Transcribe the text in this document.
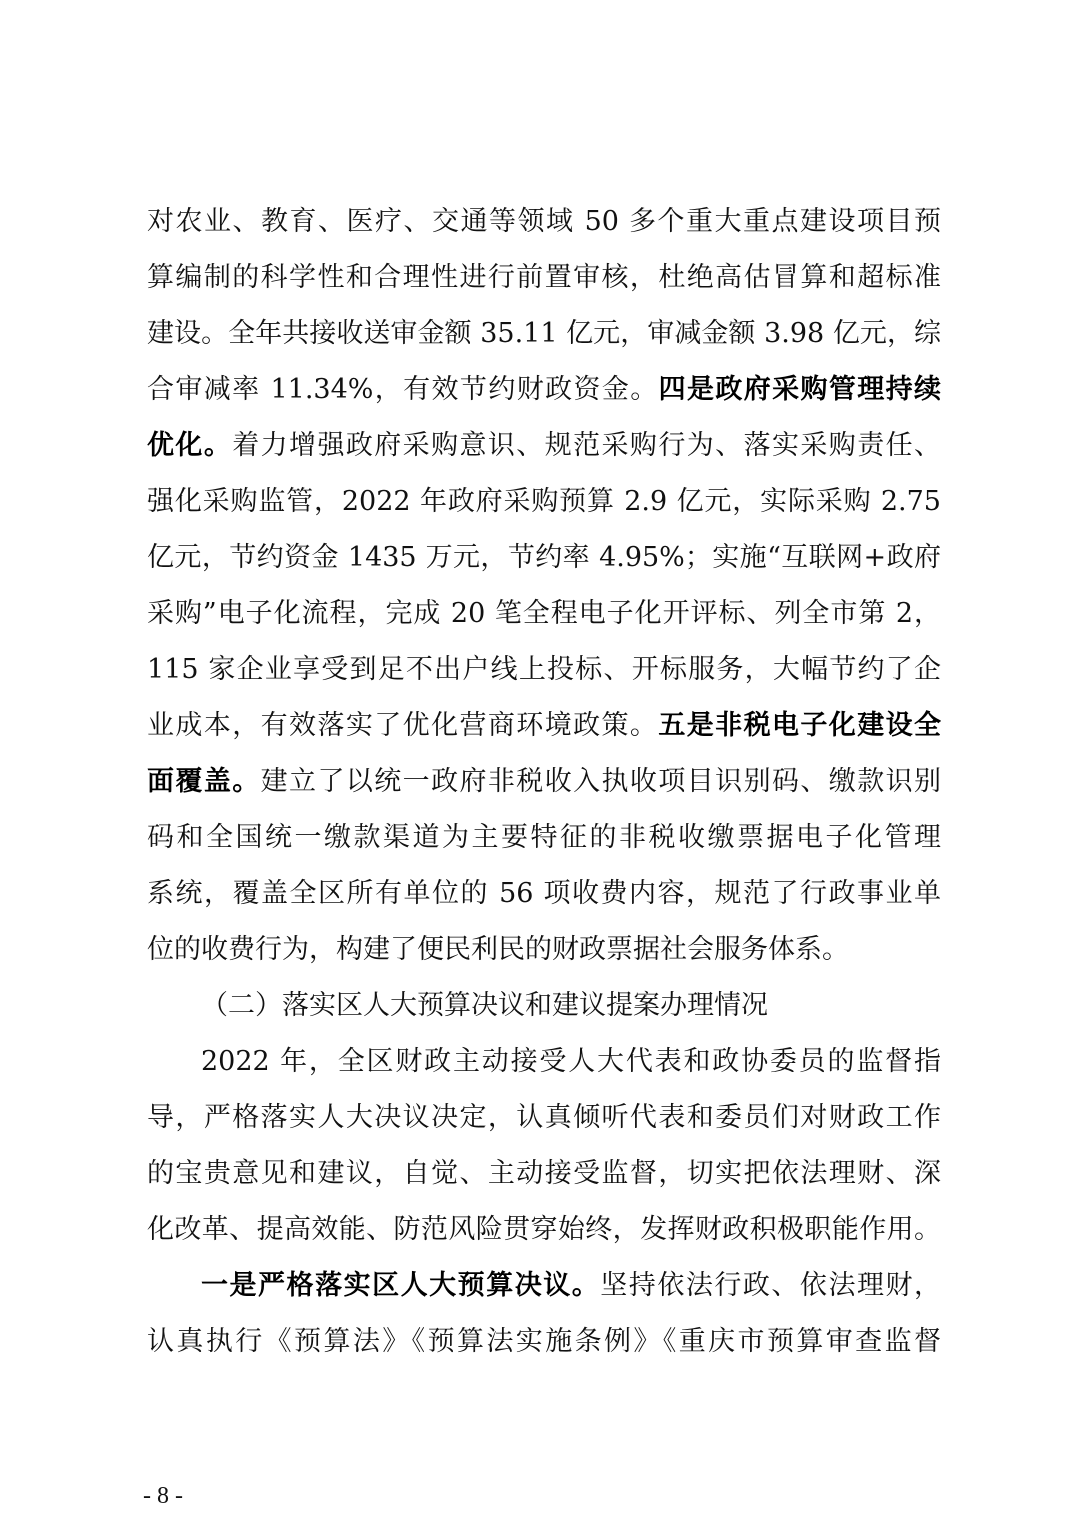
对农业、教育、医疗、交通等领域 50 多个重大重点建设项目预
算编制的科学性和合理性进行前置审核，杜绝高估冒算和超标准
建设。全年共接收送审金额 35.11 亿元，审减金额 3.98 亿元，综
合审减率 11.34%，有效节约财政资金。四是政府采购管理持续
优化。着力增强政府采购意识、规范采购行为、落实采购责任、
强化采购监管，2022 年政府采购预算 2.9 亿元，实际采购 2.75
亿元，节约资金 1435 万元，节约率 4.95%；实施“互联网+政府
采购”电子化流程，完成 20 笔全程电子化开评标、列全市第 2，
115 家企业享受到足不出户线上投标、开标服务，大幅节约了企
业成本，有效落实了优化营商环境政策。五是非税电子化建设全
面覆盖。建立了以统一政府非税收入执收项目识别码、缴款识别
码和全国统一缴款渠道为主要特征的非税收缴票据电子化管理
系统，覆盖全区所有单位的 56 项收费内容，规范了行政事业单
位的收费行为，构建了便民利民的财政票据社会服务体系。
（二）落实区人大预算决议和建议提案办理情况
2022 年，全区财政主动接受人大代表和政协委员的监督指
导，严格落实人大决议决定，认真倾听代表和委员们对财政工作
的宝贵意见和建议，自觉、主动接受监督，切实把依法理财、深
化改革、提高效能、防范风险贯穿始终，发挥财政积极职能作用。
一是严格落实区人大预算决议。坚持依法行政、依法理财，
认真执行《预算法》《预算法实施条例》《重庆市预算审查监督
- 8 -
